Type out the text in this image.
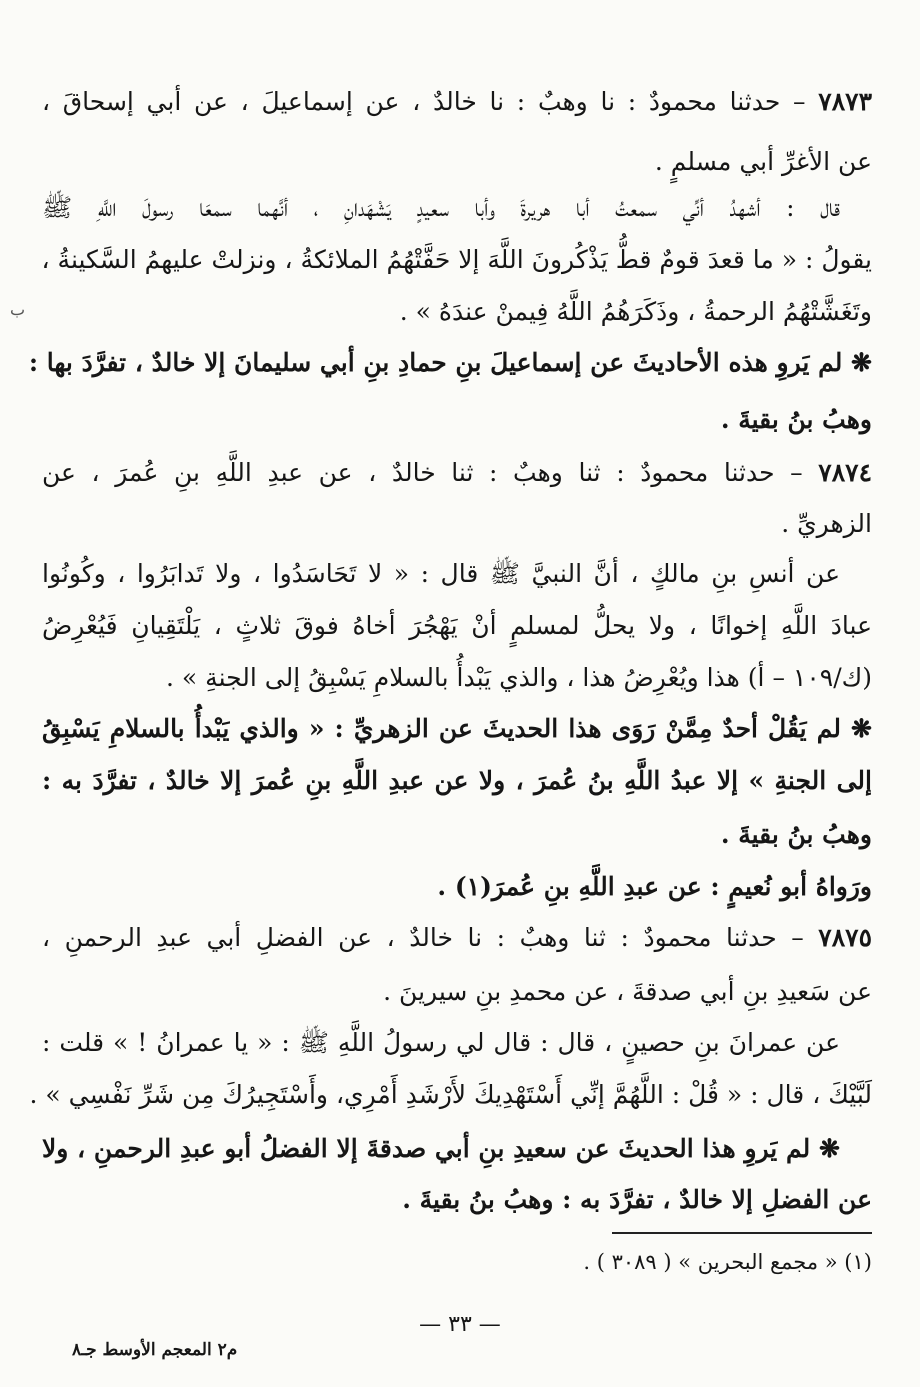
٧٨٧٣ – حدثنا محمودٌ : نا وهبٌ : نا خالدٌ ، عن إسماعيلَ ، عن أبي إسحاقَ ،
عن الأغرِّ أبي مسلمٍ .
قال : أشهدُ أنِّي سمعتُ أبا هريرةَ وأبا سعيدٍ يَشْهَدانِ ، أنَّهما سمعَا رسولَ اللَّهِ ﷺ
يقولُ : « ما قعدَ قومٌ قطُّ يَذْكُرونَ اللَّهَ إلا حَفَّتْهُمُ الملائكةُ ، ونزلتْ عليهمُ السَّكينةُ ،
وتَغَشَّتْهُمُ الرحمةُ ، وذَكَرَهُمُ اللَّهُ فِيمنْ عندَهُ » .
❋ لم يَروِ هذه الأحاديثَ عن إسماعيلَ بنِ حمادِ بنِ أبي سليمانَ إلا خالدٌ ، تفرَّدَ بها :
وهبُ بنُ بقيةَ .
٧٨٧٤ – حدثنا محمودٌ : ثنا وهبٌ : ثنا خالدٌ ، عن عبدِ اللَّهِ بنِ عُمرَ ، عن
الزهريِّ .
عن أنسِ بنِ مالكٍ ، أنَّ النبيَّ ﷺ قال : « لا تَحَاسَدُوا ، ولا تَدابَرُوا ، وكُونُوا
عبادَ اللَّهِ إخوانًا ، ولا يحلُّ لمسلمٍ أنْ يَهْجُرَ أخاهُ فوقَ ثلاثٍ ، يَلْتَقِيانِ فَيُعْرِضُ
(ك/١٠٩ – أ) هذا ويُعْرِضُ هذا ، والذي يَبْدأُ بالسلامِ يَسْبِقُ إلى الجنةِ » .
❋ لم يَقُلْ أحدٌ مِمَّنْ رَوَى هذا الحديثَ عن الزهريِّ : « والذي يَبْدأُ بالسلامِ يَسْبِقُ
إلى الجنةِ » إلا عبدُ اللَّهِ بنُ عُمرَ ، ولا عن عبدِ اللَّهِ بنِ عُمرَ إلا خالدٌ ، تفرَّدَ به :
وهبُ بنُ بقيةَ .
ورَواهُ أبو نُعيمٍ : عن عبدِ اللَّهِ بنِ عُمرَ(١) .
٧٨٧٥ – حدثنا محمودٌ : ثنا وهبٌ : نا خالدٌ ، عن الفضلِ أبي عبدِ الرحمنِ ،
عن سَعيدِ بنِ أبي صدقةَ ، عن محمدِ بنِ سيرينَ .
عن عمرانَ بنِ حصينٍ ، قال : قال لي رسولُ اللَّهِ ﷺ : « يا عمرانُ ! » قلت :
لَبَّيْكَ ، قال : « قُلْ : اللَّهُمَّ إنِّي أَسْتَهْدِيكَ لأَرْشَدِ أَمْرِي، وأَسْتَجِيرُكَ مِن شَرِّ نَفْسِي » .
❋ لم يَروِ هذا الحديثَ عن سعيدِ بنِ أبي صدقةَ إلا الفضلُ أبو عبدِ الرحمنِ ، ولا
عن الفضلِ إلا خالدٌ ، تفرَّدَ به : وهبُ بنُ بقيةَ .
(١) « مجمع البحرين » ( ٣٠٨٩ ) .
— ٣٣ —
م٢ المعجم الأوسط جـ٨
ب
